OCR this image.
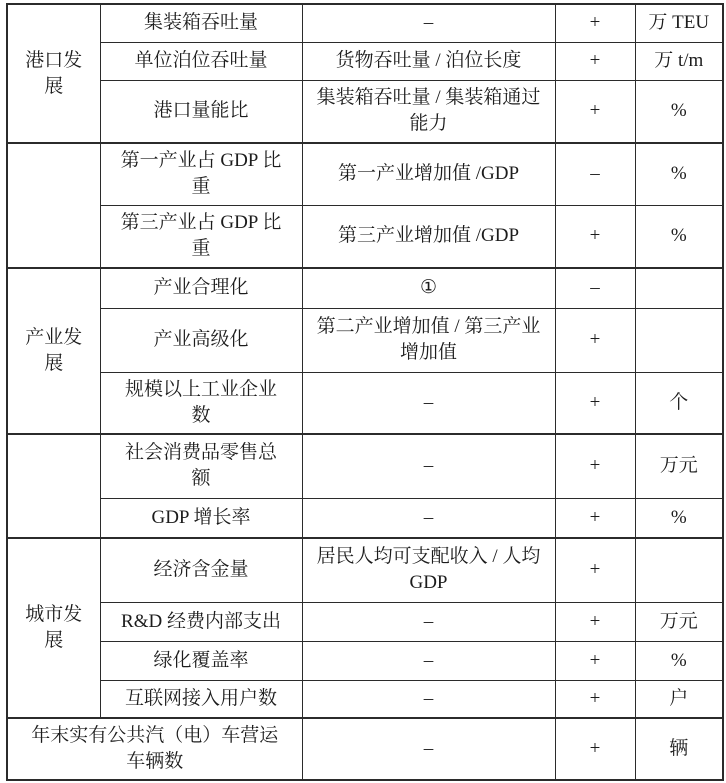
港口发展	集装箱吞吐量	–	+	万 TEU
	单位泊位吞吐量	货物吞吐量 / 泊位长度	+	万 t/m
	港口量能比	集装箱吞吐量 / 集装箱通过能力	+	%
	第一产业占 GDP 比重	第一产业增加值 /GDP	–	%
	第三产业占 GDP 比重	第三产业增加值 /GDP	+	%
产业发展	产业合理化	①	–	
	产业高级化	第二产业增加值 / 第三产业增加值	+	
	规模以上工业企业数	–	+	个
	社会消费品零售总额	–	+	万元
	GDP 增长率	–	+	%
城市发展	经济含金量	居民人均可支配收入 / 人均 GDP	+	
	R&D 经费内部支出	–	+	万元
	绿化覆盖率	–	+	%
	互联网接入用户数	–	+	户
年末实有公共汽（电）车营运车辆数		–	+	辆
